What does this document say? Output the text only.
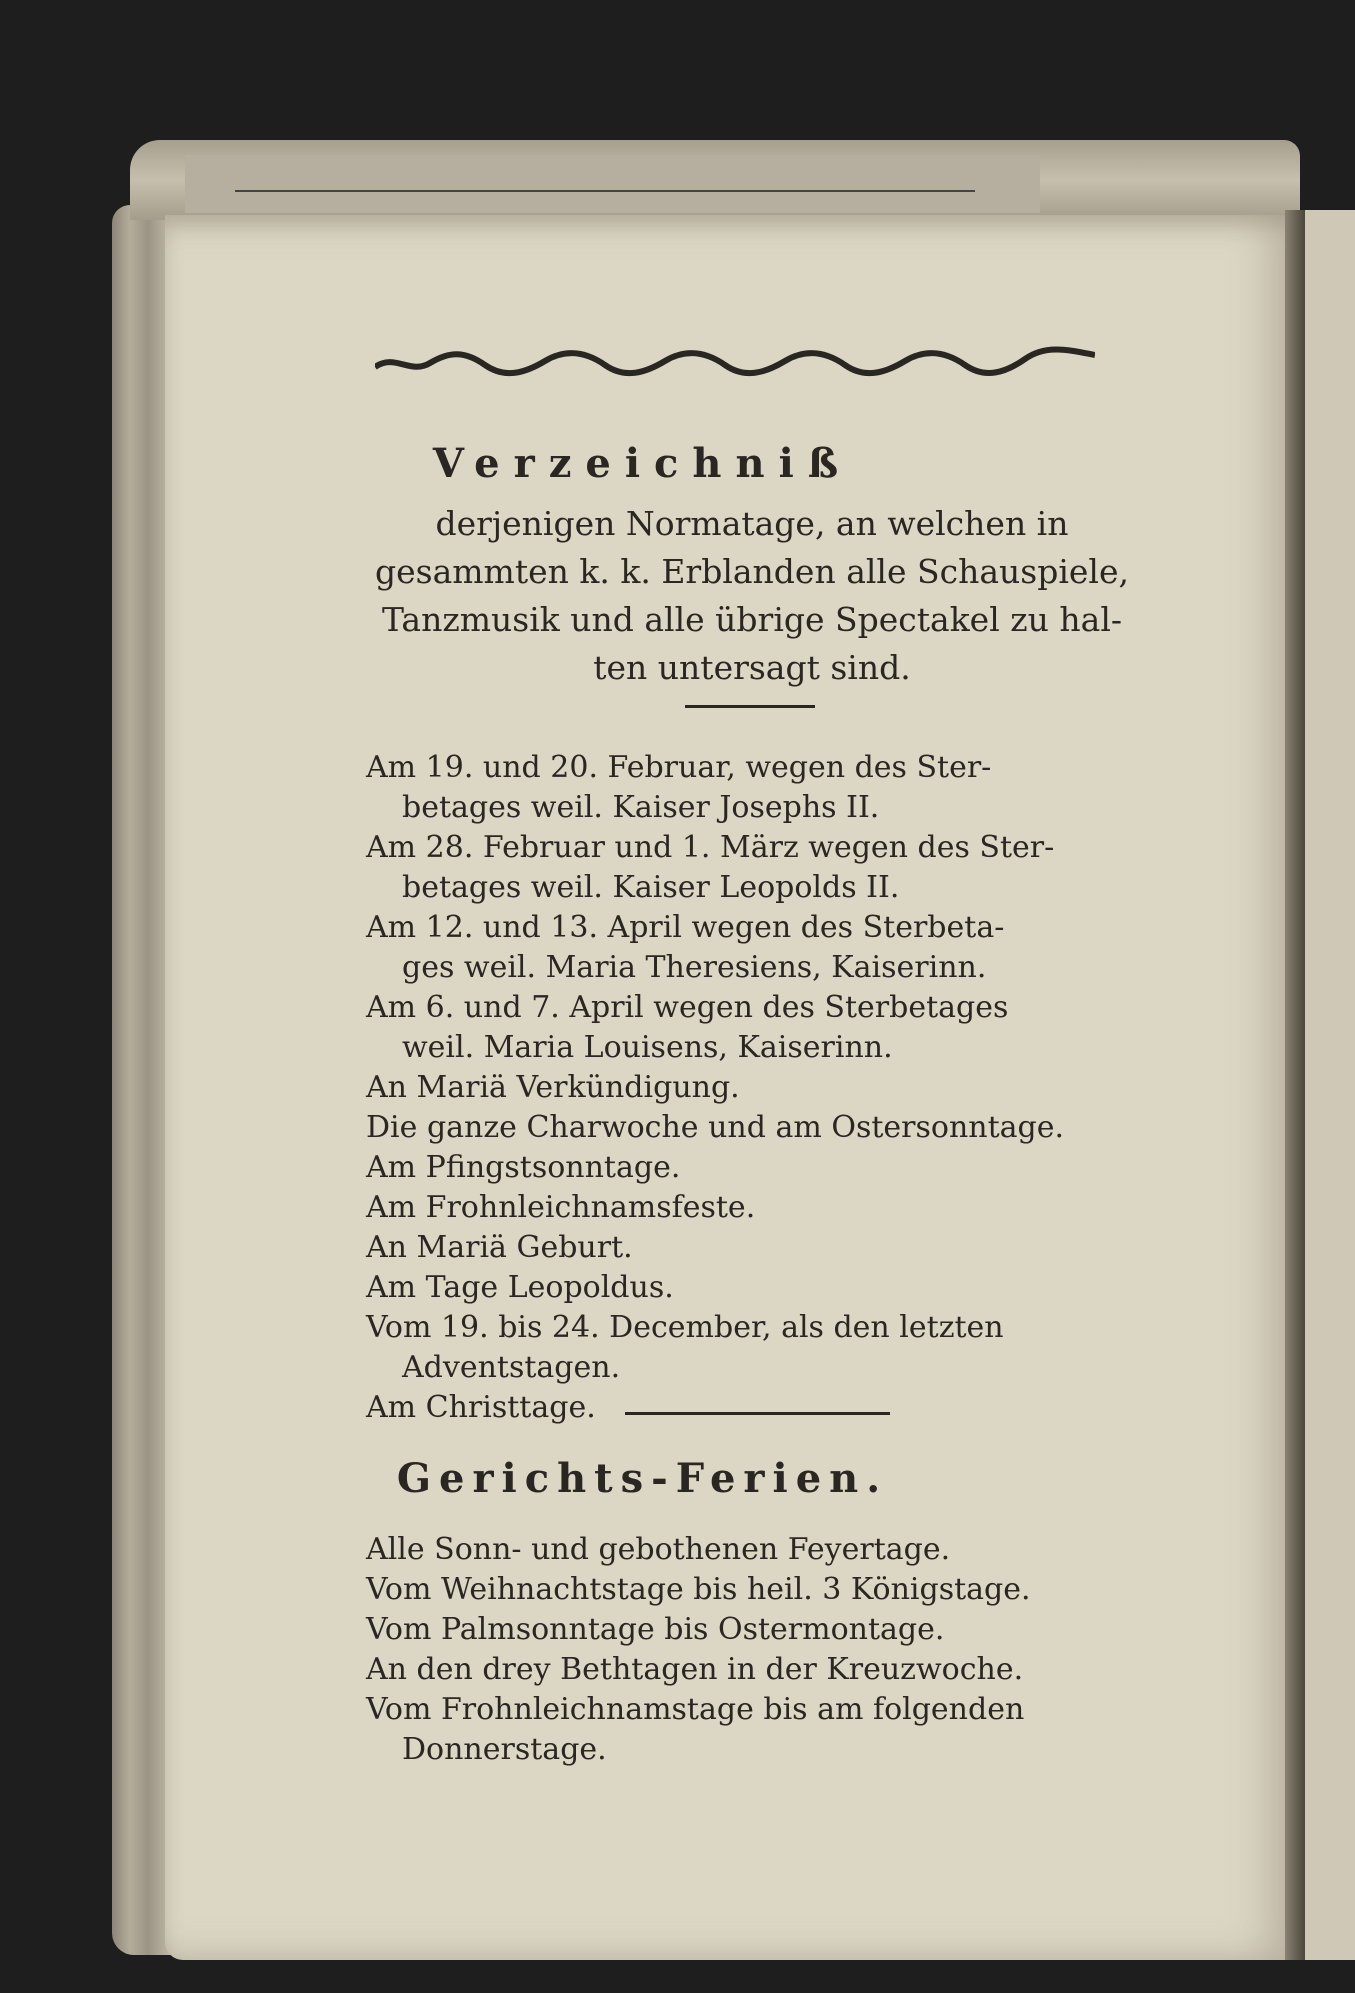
Verzeichniß
derjenigen Normatage, an welchen in
gesammten k. k. Erblanden alle Schauspiele,
Tanzmusik und alle übrige Spectakel zu hal-
ten untersagt sind.
Am 19. und 20. Februar, wegen des Ster-
betages weil. Kaiser Josephs II.
Am 28. Februar und 1. März wegen des Ster-
betages weil. Kaiser Leopolds II.
Am 12. und 13. April wegen des Sterbeta-
ges weil. Maria Theresiens, Kaiserinn.
Am 6. und 7. April wegen des Sterbetages
weil. Maria Louisens, Kaiserinn.
An Mariä Verkündigung.
Die ganze Charwoche und am Ostersonntage.
Am Pfingstsonntage.
Am Frohnleichnamsfeste.
An Mariä Geburt.
Am Tage Leopoldus.
Vom 19. bis 24. December, als den letzten
Adventstagen.
Am Christtage.
Gerichts-Ferien.
Alle Sonn- und gebothenen Feyertage.
Vom Weihnachtstage bis heil. 3 Königstage.
Vom Palmsonntage bis Ostermontage.
An den drey Bethtagen in der Kreuzwoche.
Vom Frohnleichnamstage bis am folgenden
Donnerstage.
